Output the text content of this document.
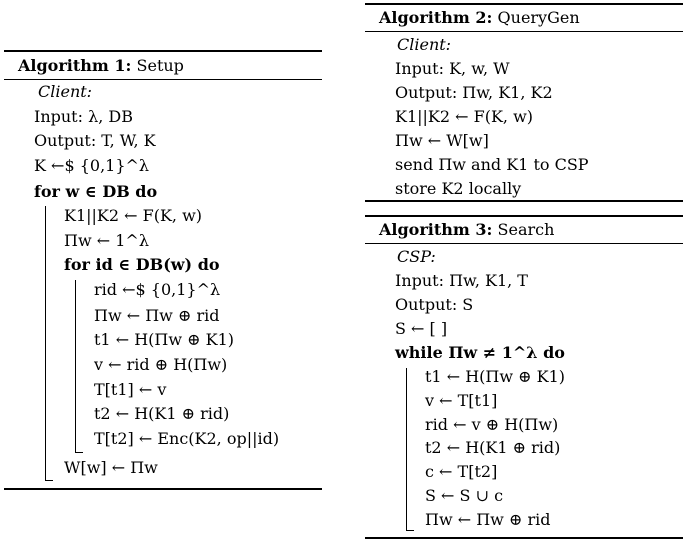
Algorithm 1: Setup
Client:
Input: λ, DB
Output: T, W, K
K ←$ {0,1}^λ
for w ∈ DB do
K1||K2 ← F(K, w)
Πw ← 1^λ
for id ∈ DB(w) do
rid ←$ {0,1}^λ
Πw ← Πw ⊕ rid
t1 ← H(Πw ⊕ K1)
v ← rid ⊕ H(Πw)
T[t1] ← v
t2 ← H(K1 ⊕ rid)
T[t2] ← Enc(K2, op||id)
W[w] ← Πw
Algorithm 2: QueryGen
Client:
Input: K, w, W
Output: Πw, K1, K2
K1||K2 ← F(K, w)
Πw ← W[w]
send Πw and K1 to CSP
store K2 locally
Algorithm 3: Search
CSP:
Input: Πw, K1, T
Output: S
S ← [ ]
while Πw ≠ 1^λ do
t1 ← H(Πw ⊕ K1)
v ← T[t1]
rid ← v ⊕ H(Πw)
t2 ← H(K1 ⊕ rid)
c ← T[t2]
S ← S ∪ c
Πw ← Πw ⊕ rid
